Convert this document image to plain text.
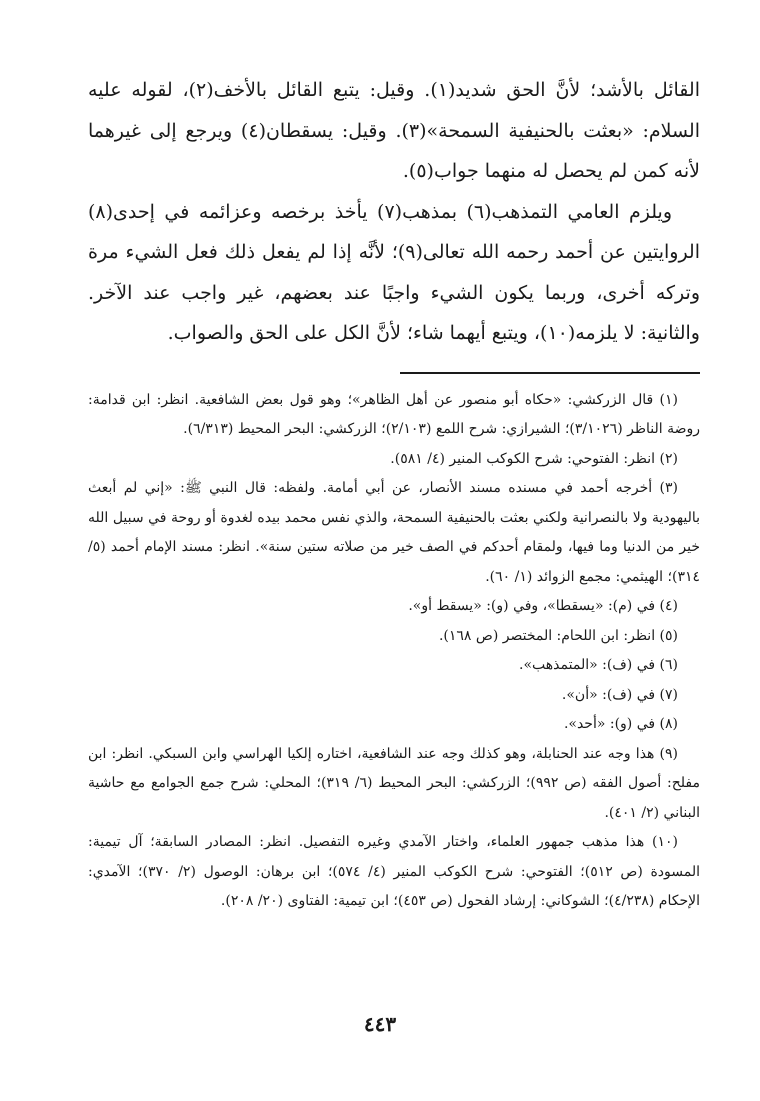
القائل بالأشد؛ لأنَّ الحق شديد(١). وقيل: يتبع القائل بالأخف(٢)، لقوله عليه السلام: «بعثت بالحنيفية السمحة»(٣). وقيل: يسقطان(٤) ويرجع إلى غيرهما لأنه كمن لم يحصل له منهما جواب(٥).

ويلزم العامي التمذهب(٦) بمذهب(٧) يأخذ برخصه وعزائمه في إحدى(٨) الروايتين عن أحمد رحمه الله تعالى(٩)؛ لأنَّه إذا لم يفعل ذلك فعل الشيء مرة وتركه أخرى، وربما يكون الشيء واجبًا عند بعضهم، غير واجب عند الآخر. والثانية: لا يلزمه(١٠)، ويتبع أيهما شاء؛ لأنَّ الكل على الحق والصواب.

(١) قال الزركشي: «حكاه أبو منصور عن أهل الظاهر»؛ وهو قول بعض الشافعية. انظر: ابن قدامة: روضة الناظر (٣/١٠٢٦)؛ الشيرازي: شرح اللمع (٢/١٠٣)؛ الزركشي: البحر المحيط (٦/٣١٣).

(٢) انظر: الفتوحي: شرح الكوكب المنير (٤/ ٥٨١).

(٣) أخرجه أحمد في مسنده مسند الأنصار، عن أبي أمامة. ولفظه: قال النبي ﷺ: «إني لم أبعث باليهودية ولا بالنصرانية ولكني بعثت بالحنيفية السمحة، والذي نفس محمد بيده لغدوة أو روحة في سبيل الله خير من الدنيا وما فيها، ولمقام أحدكم في الصف خير من صلاته ستين سنة». انظر: مسند الإمام أحمد (٥/ ٣١٤)؛ الهيثمي: مجمع الزوائد (١/ ٦٠).

(٤) في (م): «يسقطا»، وفي (و): «يسقط أو».

(٥) انظر: ابن اللحام: المختصر (ص ١٦٨).

(٦) في (ف): «المتمذهب».

(٧) في (ف): «أن».

(٨) في (و): «أحد».

(٩) هذا وجه عند الحنابلة، وهو كذلك وجه عند الشافعية، اختاره إلكيا الهراسي وابن السبكي. انظر: ابن مفلح: أصول الفقه (ص ٩٩٢)؛ الزركشي: البحر المحيط (٦/ ٣١٩)؛ المحلي: شرح جمع الجوامع مع حاشية البناني (٢/ ٤٠١).

(١٠) هذا مذهب جمهور العلماء، واختار الآمدي وغيره التفصيل. انظر: المصادر السابقة؛ آل تيمية: المسودة (ص ٥١٢)؛ الفتوحي: شرح الكوكب المنير (٤/ ٥٧٤)؛ ابن برهان: الوصول (٢/ ٣٧٠)؛ الآمدي: الإحكام (٤/٢٣٨)؛ الشوكاني: إرشاد الفحول (ص ٤٥٣)؛ ابن تيمية: الفتاوى (٢٠/ ٢٠٨).

٤٤٣
